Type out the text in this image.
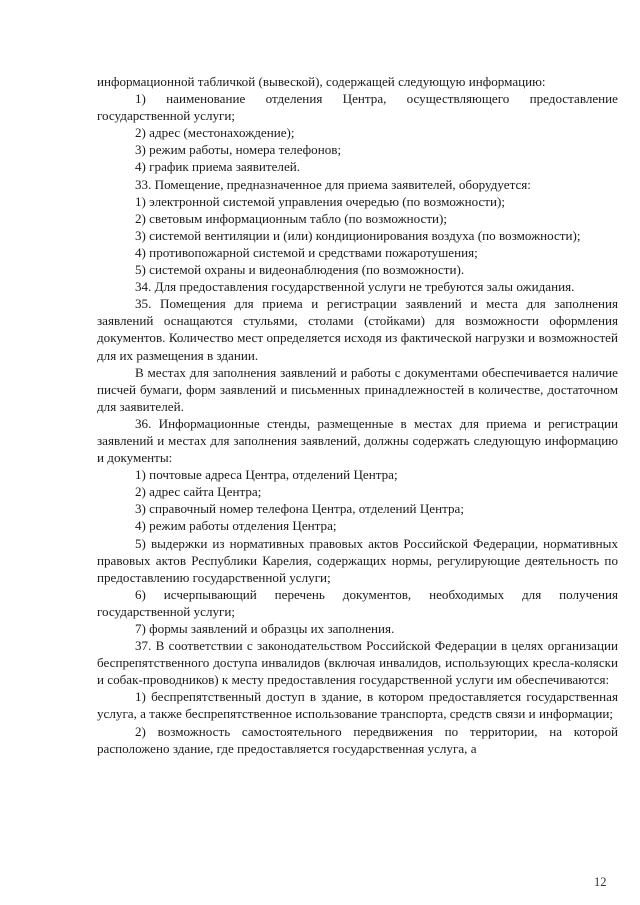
информационной табличкой (вывеской), содержащей следующую информацию:

1) наименование отделения Центра, осуществляющего предоставление государственной услуги;

2) адрес (местонахождение);

3) режим работы, номера телефонов;

4) график приема заявителей.

33. Помещение, предназначенное для приема заявителей, оборудуется:

1) электронной системой управления очередью (по возможности);

2) световым информационным табло (по возможности);

3) системой вентиляции и (или) кондиционирования воздуха (по возможности);

4) противопожарной системой и средствами пожаротушения;

5) системой охраны и видеонаблюдения (по возможности).

34. Для предоставления государственной услуги не требуются залы ожидания.

35. Помещения для приема и регистрации заявлений и места для заполнения заявлений оснащаются стульями, столами (стойками) для возможности оформления документов. Количество мест определяется исходя из фактической нагрузки и возможностей для их размещения в здании.

В местах для заполнения заявлений и работы с документами обеспечивается наличие писчей бумаги, форм заявлений и письменных принадлежностей в количестве, достаточном для заявителей.

36. Информационные стенды, размещенные в местах для приема и регистрации заявлений и местах для заполнения заявлений, должны содержать следующую информацию и документы:

1) почтовые адреса Центра, отделений Центра;

2) адрес сайта Центра;

3) справочный номер телефона Центра, отделений Центра;

4) режим работы отделения Центра;

5) выдержки из нормативных правовых актов Российской Федерации, нормативных правовых актов Республики Карелия, содержащих нормы, регулирующие деятельность по предоставлению государственной услуги;

6) исчерпывающий перечень документов, необходимых для получения государственной услуги;

7) формы заявлений и образцы их заполнения.

37. В соответствии с законодательством Российской Федерации в целях организации беспрепятственного доступа инвалидов (включая инвалидов, использующих кресла-коляски и собак-проводников) к месту предоставления государственной услуги им обеспечиваются:

1) беспрепятственный доступ в здание, в котором предоставляется государственная услуга, а также беспрепятственное использование транспорта, средств связи и информации;

2) возможность самостоятельного передвижения по территории, на которой расположено здание, где предоставляется государственная услуга, а

12
